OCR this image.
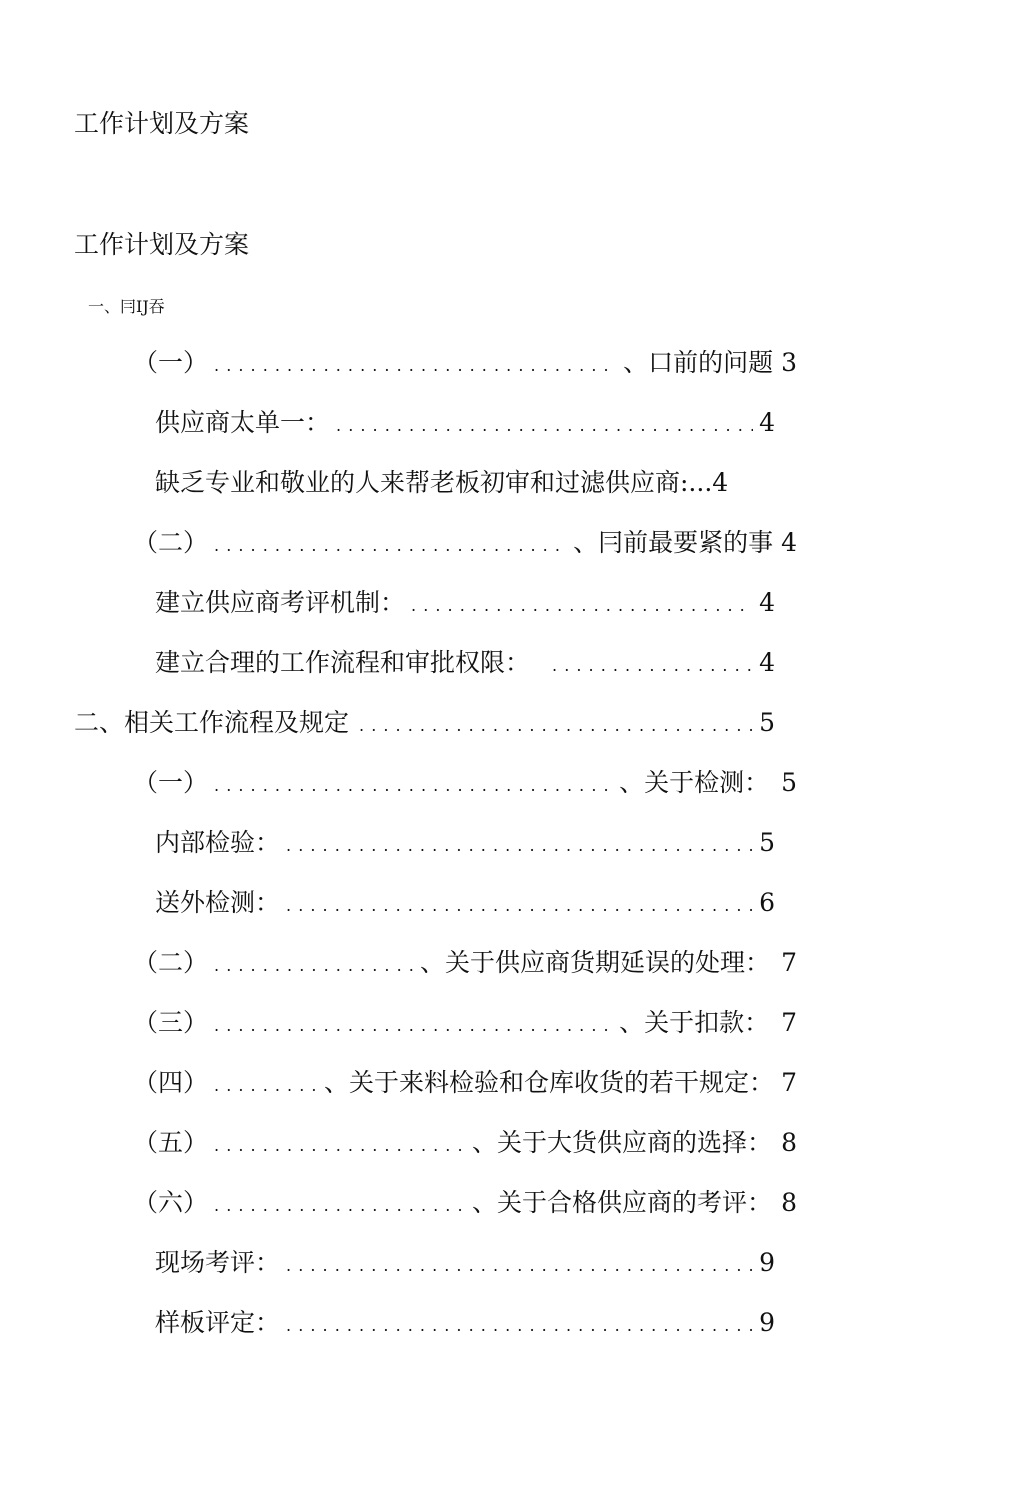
工作计划及方案
工作计划及方案
一、冃IJ吞
（一） . . .	、口前的问题 3
供应商太单一： . . .	4
缺乏专业和敬业的人来帮老板初审和过滤供应商:...4
（二） . . .	、冃前最要紧的事 4
建立供应商考评机制： . . .	4
建立合理的工作流程和审批权限： . . .	4
二、相关工作流程及规定 . . .	5
（一） . . .	、关于检测： 5
内部检验： . . .	5
送外检测： . . .	6
（二） . . .	、关于供应商货期延误的处理： 7
（三） . . .	、关于扣款： 7
（四） . . .	、关于来料检验和仓库收货的若干规定： 7
（五） . . .	、关于大货供应商的选择： 8
（六） . . .	、关于合格供应商的考评： 8
现场考评： . . .	9
样板评定： . . .	9
